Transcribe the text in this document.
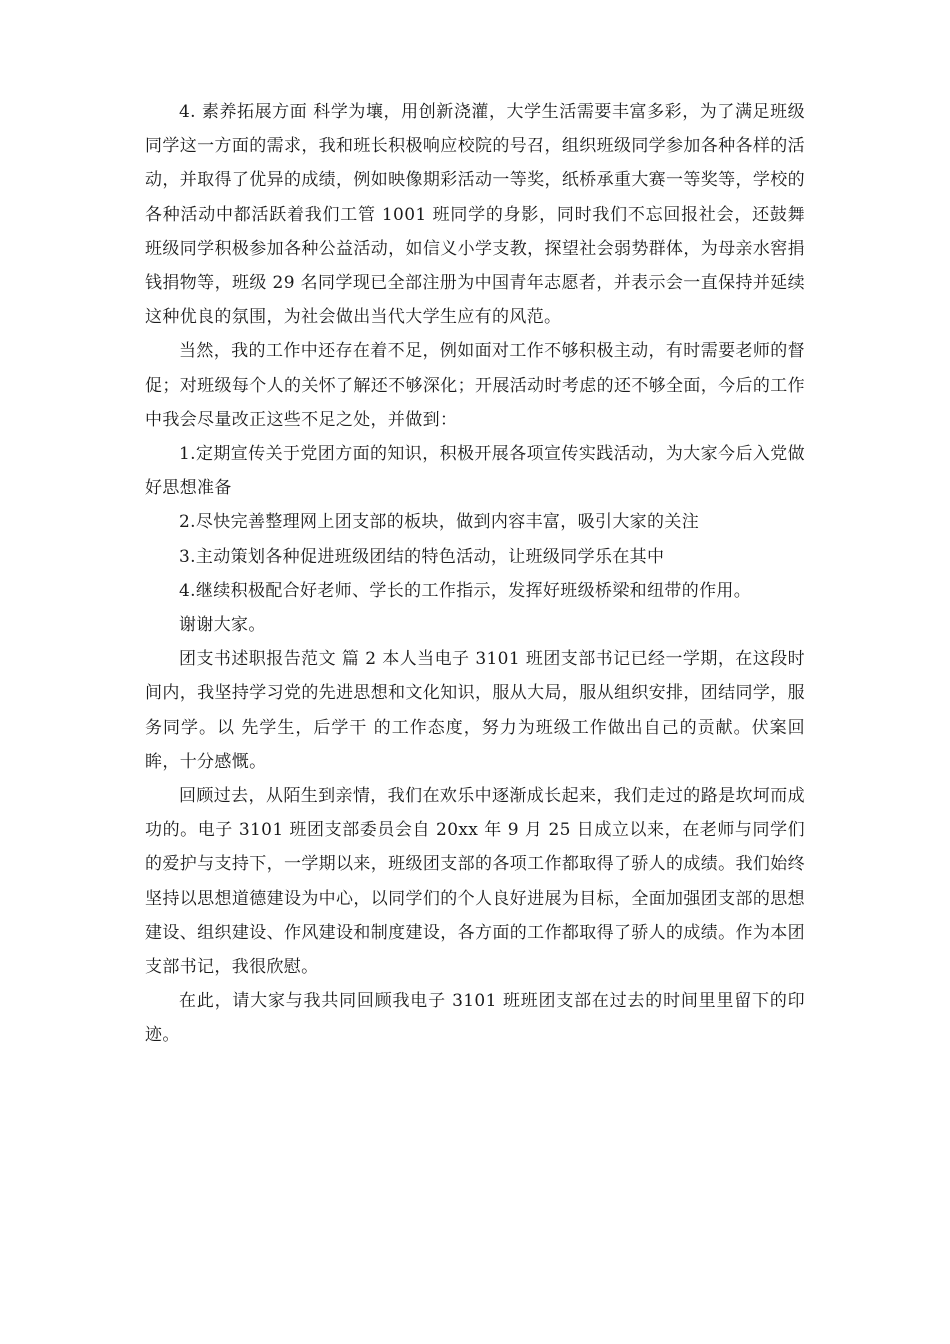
4. 素养拓展方面 科学为壤，用创新浇灌，大学生活需要丰富多彩，为了满足班级同学这一方面的需求，我和班长积极响应校院的号召，组织班级同学参加各种各样的活动，并取得了优异的成绩，例如映像期彩活动一等奖，纸桥承重大赛一等奖等，学校的各种活动中都活跃着我们工管 1001 班同学的身影，同时我们不忘回报社会，还鼓舞班级同学积极参加各种公益活动，如信义小学支教，探望社会弱势群体，为母亲水窖捐钱捐物等，班级 29 名同学现已全部注册为中国青年志愿者，并表示会一直保持并延续这种优良的氛围，为社会做出当代大学生应有的风范。

当然，我的工作中还存在着不足，例如面对工作不够积极主动，有时需要老师的督促；对班级每个人的关怀了解还不够深化；开展活动时考虑的还不够全面，今后的工作中我会尽量改正这些不足之处，并做到：

1.定期宣传关于党团方面的知识，积极开展各项宣传实践活动，为大家今后入党做好思想准备

2.尽快完善整理网上团支部的板块，做到内容丰富，吸引大家的关注

3.主动策划各种促进班级团结的特色活动，让班级同学乐在其中

4.继续积极配合好老师、学长的工作指示，发挥好班级桥梁和纽带的作用。

谢谢大家。

团支书述职报告范文 篇 2 本人当电子 3101 班团支部书记已经一学期，在这段时间内，我坚持学习党的先进思想和文化知识，服从大局，服从组织安排，团结同学，服务同学。以 先学生，后学干 的工作态度，努力为班级工作做出自己的贡献。伏案回眸，十分感慨。

回顾过去，从陌生到亲情，我们在欢乐中逐渐成长起来，我们走过的路是坎坷而成功的。电子 3101 班团支部委员会自 20xx 年 9 月 25 日成立以来，在老师与同学们的爱护与支持下，一学期以来，班级团支部的各项工作都取得了骄人的成绩。我们始终坚持以思想道德建设为中心，以同学们的个人良好进展为目标，全面加强团支部的思想建设、组织建设、作风建设和制度建设，各方面的工作都取得了骄人的成绩。作为本团支部书记，我很欣慰。

在此，请大家与我共同回顾我电子 3101 班班团支部在过去的时间里里留下的印迹。
